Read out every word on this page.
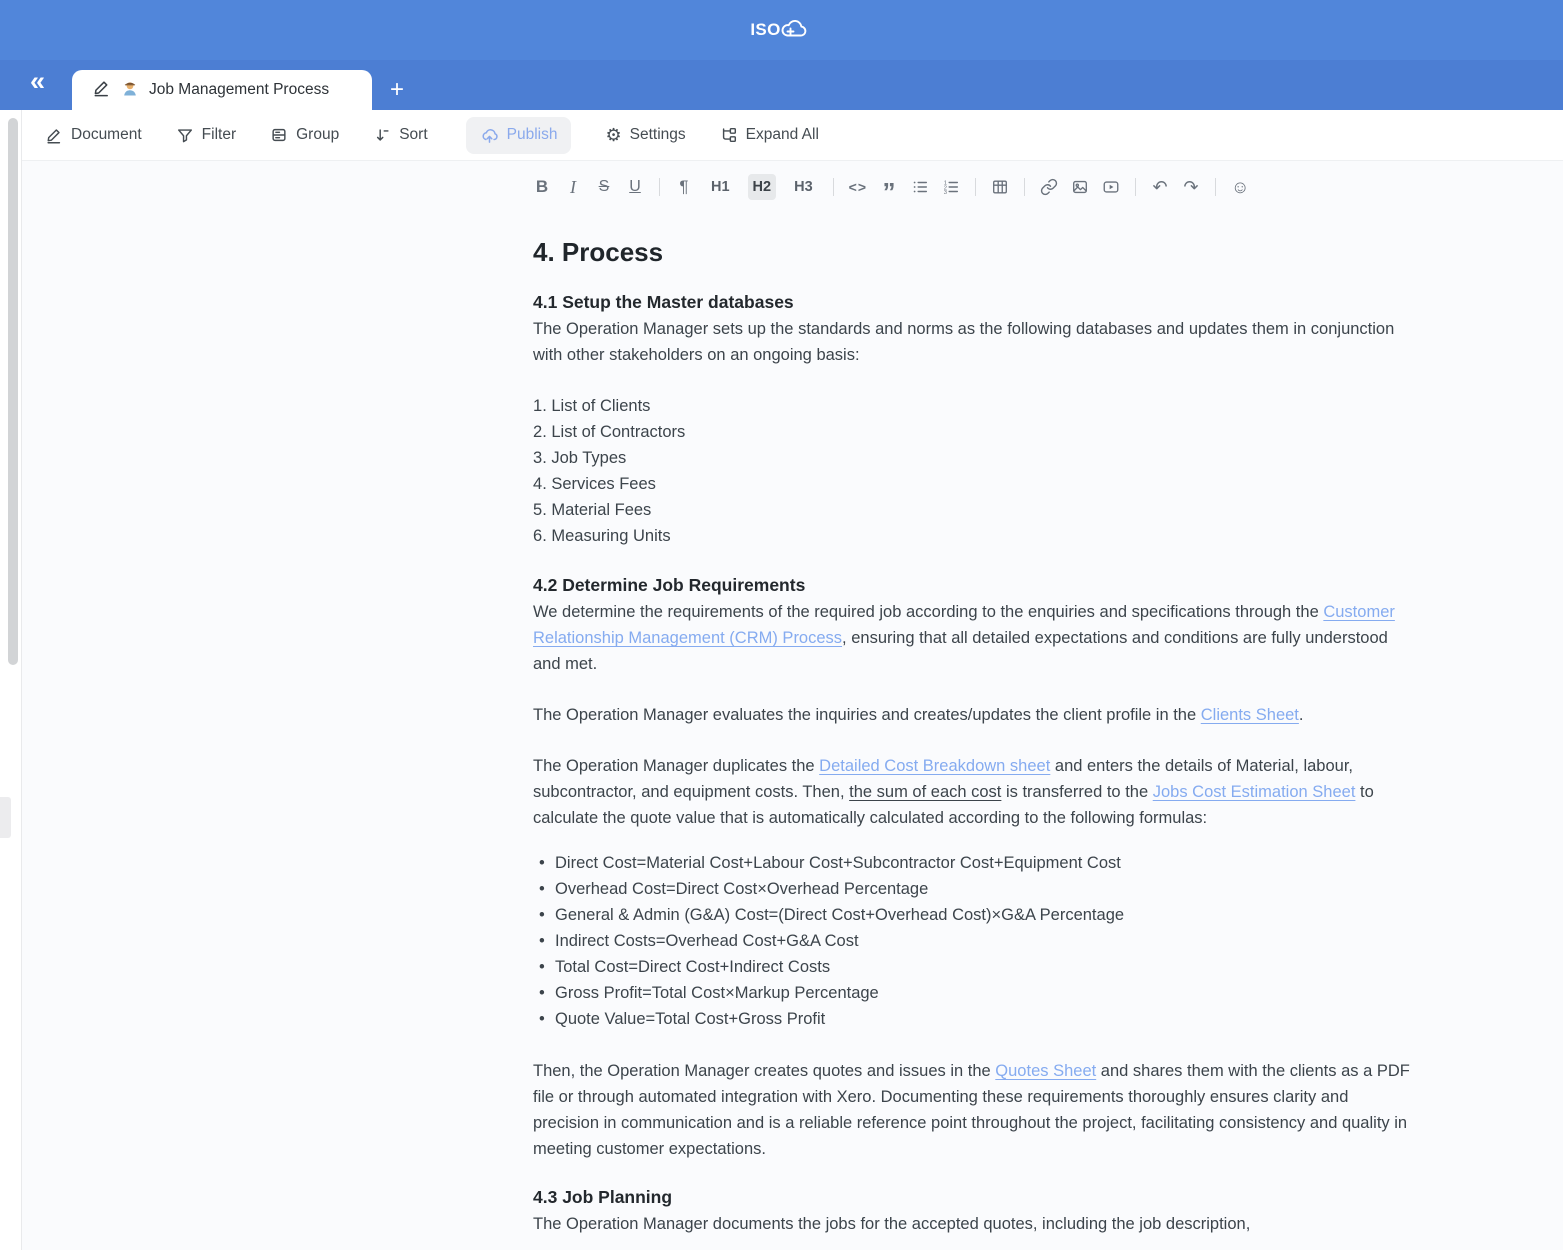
ISO
«	Job Management Process	+
Document	Filter	Group	Sort	Publish	⚙ Settings	Expand All
B	I	S U ¶	H1	H2	H3	<> ”	1
2
3	↶ ↷ ☺
4. Process
4.1 Setup the Master databases

The Operation Manager sets up the standards and norms as the following databases and updates them in conjunction with other stakeholders on an ongoing basis:

List of Clients
List of Contractors
Job Types
Services Fees
Material Fees
Measuring Units
4.2 Determine Job Requirements

We determine the requirements of the required job according to the enquiries and specifications through the Customer Relationship Management (CRM) Process, ensuring that all detailed expectations and conditions are fully understood and met.

The Operation Manager evaluates the inquiries and creates/updates the client profile in the Clients Sheet.

The Operation Manager duplicates the Detailed Cost Breakdown sheet and enters the details of Material, labour, subcontractor, and equipment costs. Then, the sum of each cost is transferred to the Jobs Cost Estimation Sheet to calculate the quote value that is automatically calculated according to the following formulas:

• Direct Cost=Material Cost+Labour Cost+Subcontractor Cost+Equipment Cost
• Overhead Cost=Direct Cost×Overhead Percentage
• General & Admin (G&A) Cost=(Direct Cost+Overhead Cost)×G&A Percentage
• Indirect Costs=Overhead Cost+G&A Cost
• Total Cost=Direct Cost+Indirect Costs
• Gross Profit=Total Cost×Markup Percentage
• Quote Value=Total Cost+Gross Profit

Then, the Operation Manager creates quotes and issues in the Quotes Sheet and shares them with the clients as a PDF file or through automated integration with Xero. Documenting these requirements thoroughly ensures clarity and precision in communication and is a reliable reference point throughout the project, facilitating consistency and quality in meeting customer expectations.

4.3 Job Planning

The Operation Manager documents the jobs for the accepted quotes, including the job description,
